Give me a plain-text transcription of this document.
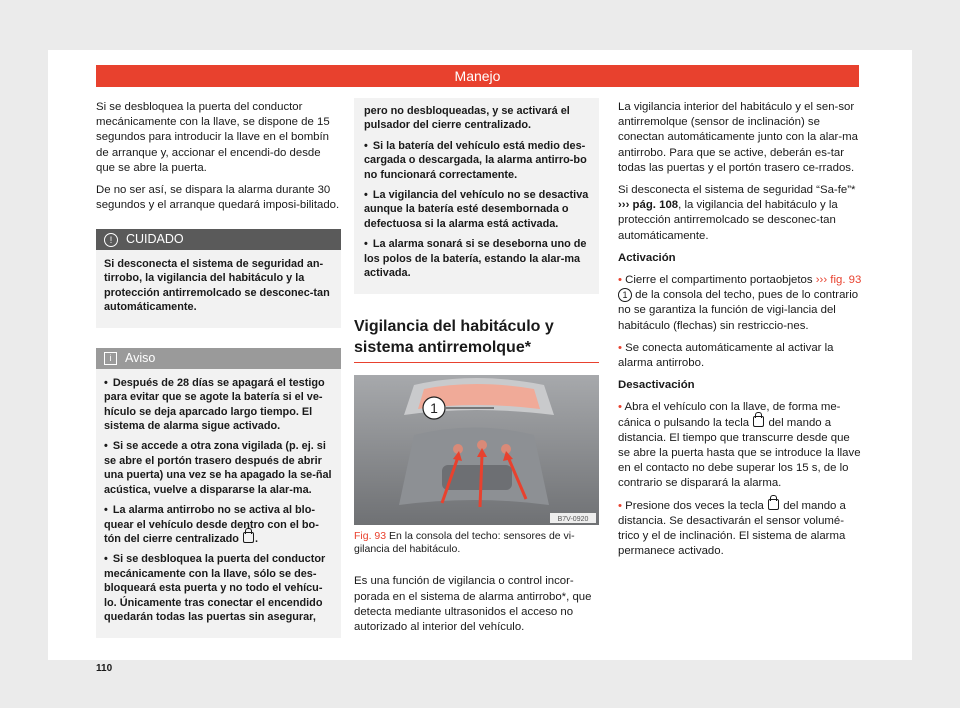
Manejo

Si se desbloquea la puerta del conductor mecánicamente con la llave, se dispone de 15 segundos para introducir la llave en el bombín de arranque y, accionar el encendi-do desde que se abre la puerta.

De no ser así, se dispara la alarma durante 30 segundos y el arranque quedará imposi-bilitado.

!	CUIDADO

Si desconecta el sistema de seguridad an-tirrobo, la vigilancia del habitáculo y la protección antirremolcado se desconec-tan automáticamente.

i	Aviso

• Después de 28 días se apagará el testigo para evitar que se agote la batería si el ve-hículo se deja aparcado largo tiempo. El sistema de alarma sigue activado.

• Si se accede a otra zona vigilada (p. ej. si se abre el portón trasero después de abrir una puerta) una vez se ha apagado la se-ñal acústica, vuelve a dispararse la alar-ma.

• La alarma antirrobo no se activa al blo-quear el vehículo desde dentro con el bo-tón del cierre centralizado .

• Si se desbloquea la puerta del conductor mecánicamente con la llave, sólo se des-bloqueará esta puerta y no todo el vehícu-lo. Únicamente tras conectar el encendido quedarán todas las puertas sin asegurar,

pero no desbloqueadas, y se activará el pulsador del cierre centralizado.

• Si la batería del vehículo está medio des-cargada o descargada, la alarma antirro-bo no funcionará correctamente.

• La vigilancia del vehículo no se desactiva aunque la batería esté desembornada o defectuosa si la alarma está activada.

• La alarma sonará si se deseborna uno de los polos de la batería, estando la alar-ma activada.

Vigilancia del habitáculo y sistema antirremolque*
1
B7V-0920
Fig. 93 En la consola del techo: sensores de vi-gilancia del habitáculo.

Es una función de vigilancia o control incor-porada en el sistema de alarma antirrobo*, que detecta mediante ultrasonidos el acceso no autorizado al interior del vehículo.

La vigilancia interior del habitáculo y el sen-sor antirremolque (sensor de inclinación) se conectan automáticamente junto con la alar-ma antirrobo. Para que se active, deberán es-tar todas las puertas y el portón trasero ce-rrados.

Si desconecta el sistema de seguridad “Sa-fe”* ››› pág. 108, la vigilancia del habitáculo y la protección antirremolcado se desconec-tan automáticamente.

Activación

• Cierre el compartimento portaobjetos ››› fig. 93 1 de la consola del techo, pues de lo contrario no se garantiza la función de vigi-lancia del habitáculo (flechas) sin restriccio-nes.

• Se conecta automáticamente al activar la alarma antirrobo.

Desactivación

• Abra el vehículo con la llave, de forma me-cánica o pulsando la tecla del mando a distancia. El tiempo que transcurre desde que se abre la puerta hasta que se introduce la llave en el contacto no debe superar los 15 s, de lo contrario se disparará la alarma.

• Presione dos veces la tecla del mando a distancia. Se desactivarán el sensor volumé-trico y el de inclinación. El sistema de alarma permanece activado.

110
